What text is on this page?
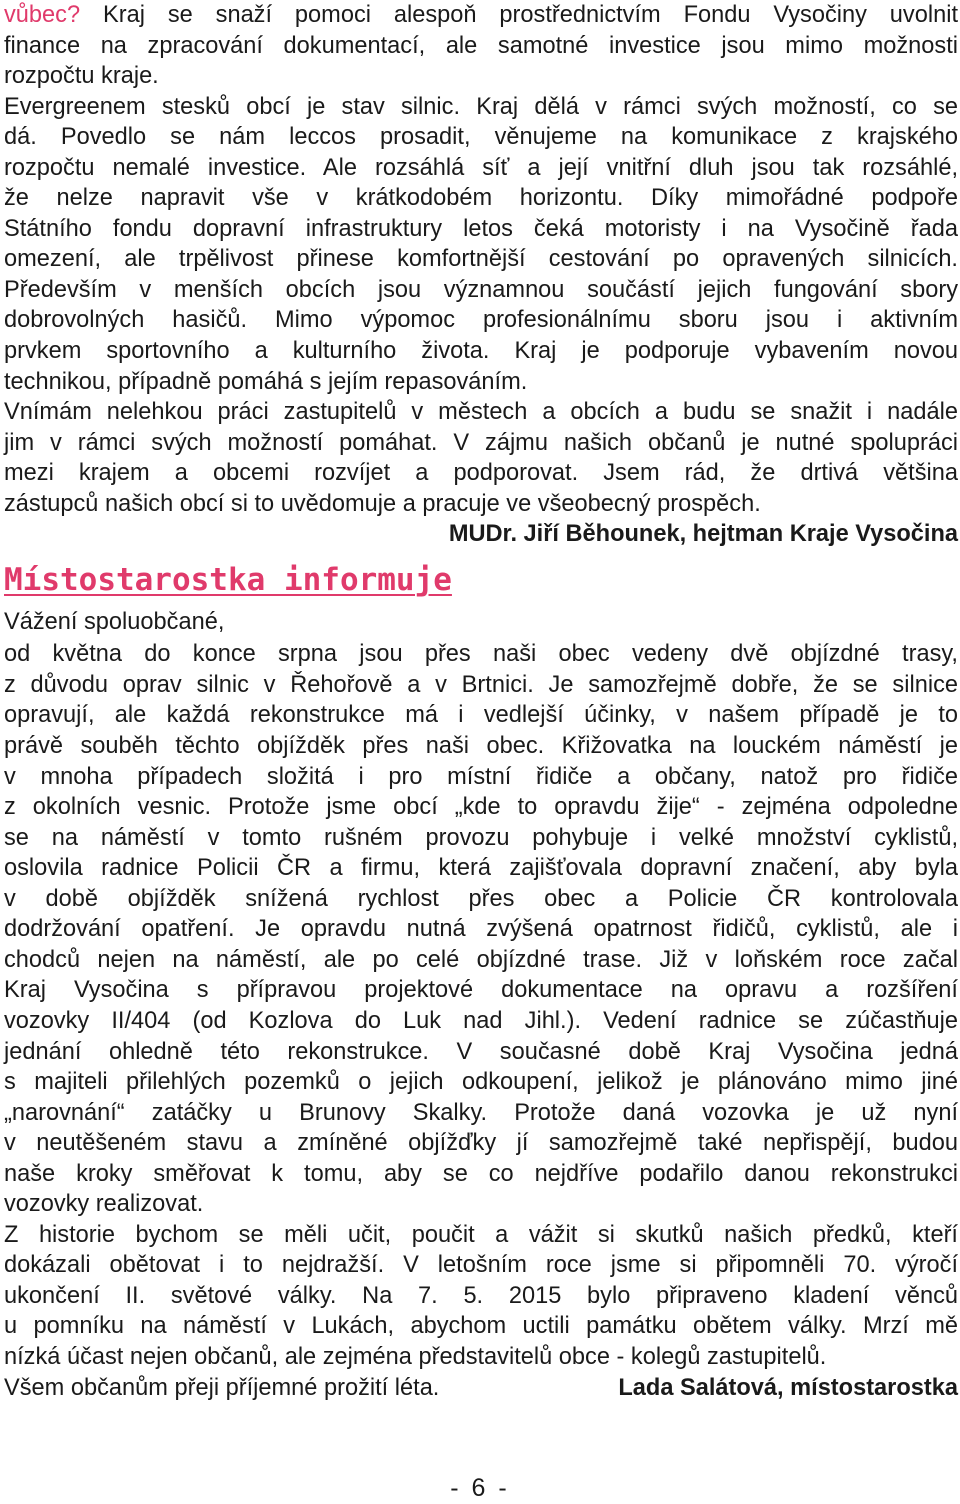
vůbec? Kraj se snaží pomoci alespoň prostřednictvím Fondu Vysočiny uvolnit
finance na zpracování dokumentací, ale samotné investice jsou mimo možnosti
rozpočtu kraje.
Evergreenem stesků obcí je stav silnic. Kraj dělá v rámci svých možností, co se
dá. Povedlo se nám leccos prosadit, věnujeme na komunikace z krajského
rozpočtu nemalé investice. Ale rozsáhlá síť a její vnitřní dluh jsou tak rozsáhlé,
že nelze napravit vše v krátkodobém horizontu. Díky mimořádné podpoře
Státního fondu dopravní infrastruktury letos čeká motoristy i na Vysočině řada
omezení, ale trpělivost přinese komfortnější cestování po opravených silnicích.
Především v menších obcích jsou významnou součástí jejich fungování sbory
dobrovolných hasičů. Mimo výpomoc profesionálnímu sboru jsou i aktivním
prvkem sportovního a kulturního života. Kraj je podporuje vybavením novou
technikou, případně pomáhá s jejím repasováním.
Vnímám nelehkou práci zastupitelů v městech a obcích a budu se snažit i nadále
jim v rámci svých možností pomáhat. V zájmu našich občanů je nutné spolupráci
mezi krajem a obcemi rozvíjet a podporovat. Jsem rád, že drtivá většina
zástupců našich obcí si to uvědomuje a pracuje ve všeobecný prospěch.
MUDr. Jiří Běhounek, hejtman Kraje Vysočina
Místostarostka informuje
Vážení spoluobčané,
od května do konce srpna jsou přes naši obec vedeny dvě objízdné trasy,
z důvodu oprav silnic v Řehořově a v Brtnici. Je samozřejmě dobře, že se silnice
opravují, ale každá rekonstrukce má i vedlejší účinky, v našem případě je to
právě souběh těchto objížděk přes naši obec. Křižovatka na louckém náměstí je
v mnoha případech složitá i pro místní řidiče a občany, natož pro řidiče
z okolních vesnic. Protože jsme obcí „kde to opravdu žije“ - zejména odpoledne
se na náměstí v tomto rušném provozu pohybuje i velké množství cyklistů,
oslovila radnice Policii ČR a firmu, která zajišťovala dopravní značení, aby byla
v době objížděk snížená rychlost přes obec a Policie ČR kontrolovala
dodržování opatření. Je opravdu nutná zvýšená opatrnost řidičů, cyklistů, ale i
chodců nejen na náměstí, ale po celé objízdné trase. Již v loňském roce začal
Kraj Vysočina s přípravou projektové dokumentace na opravu a rozšíření
vozovky II/404 (od Kozlova do Luk nad Jihl.). Vedení radnice se zúčastňuje
jednání ohledně této rekonstrukce. V současné době Kraj Vysočina jedná
s majiteli přilehlých pozemků o jejich odkoupení, jelikož je plánováno mimo jiné
„narovnání“ zatáčky u Brunovy Skalky. Protože daná vozovka je už nyní
v neutěšeném stavu a zmíněné objížďky jí samozřejmě také nepřispějí, budou
naše kroky směřovat k tomu, aby se co nejdříve podařilo danou rekonstrukci
vozovky realizovat.
Z historie bychom se měli učit, poučit a vážit si skutků našich předků, kteří
dokázali obětovat i to nejdražší. V letošním roce jsme si připomněli 70. výročí
ukončení II. světové války. Na 7. 5. 2015 bylo připraveno kladení věnců
u pomníku na náměstí v Lukách, abychom uctili památku obětem války. Mrzí mě
nízká účast nejen občanů, ale zejména představitelů obce - kolegů zastupitelů.
Všem občanům přeji příjemné prožití léta.	Lada Salátová, místostarostka
- 6 -
